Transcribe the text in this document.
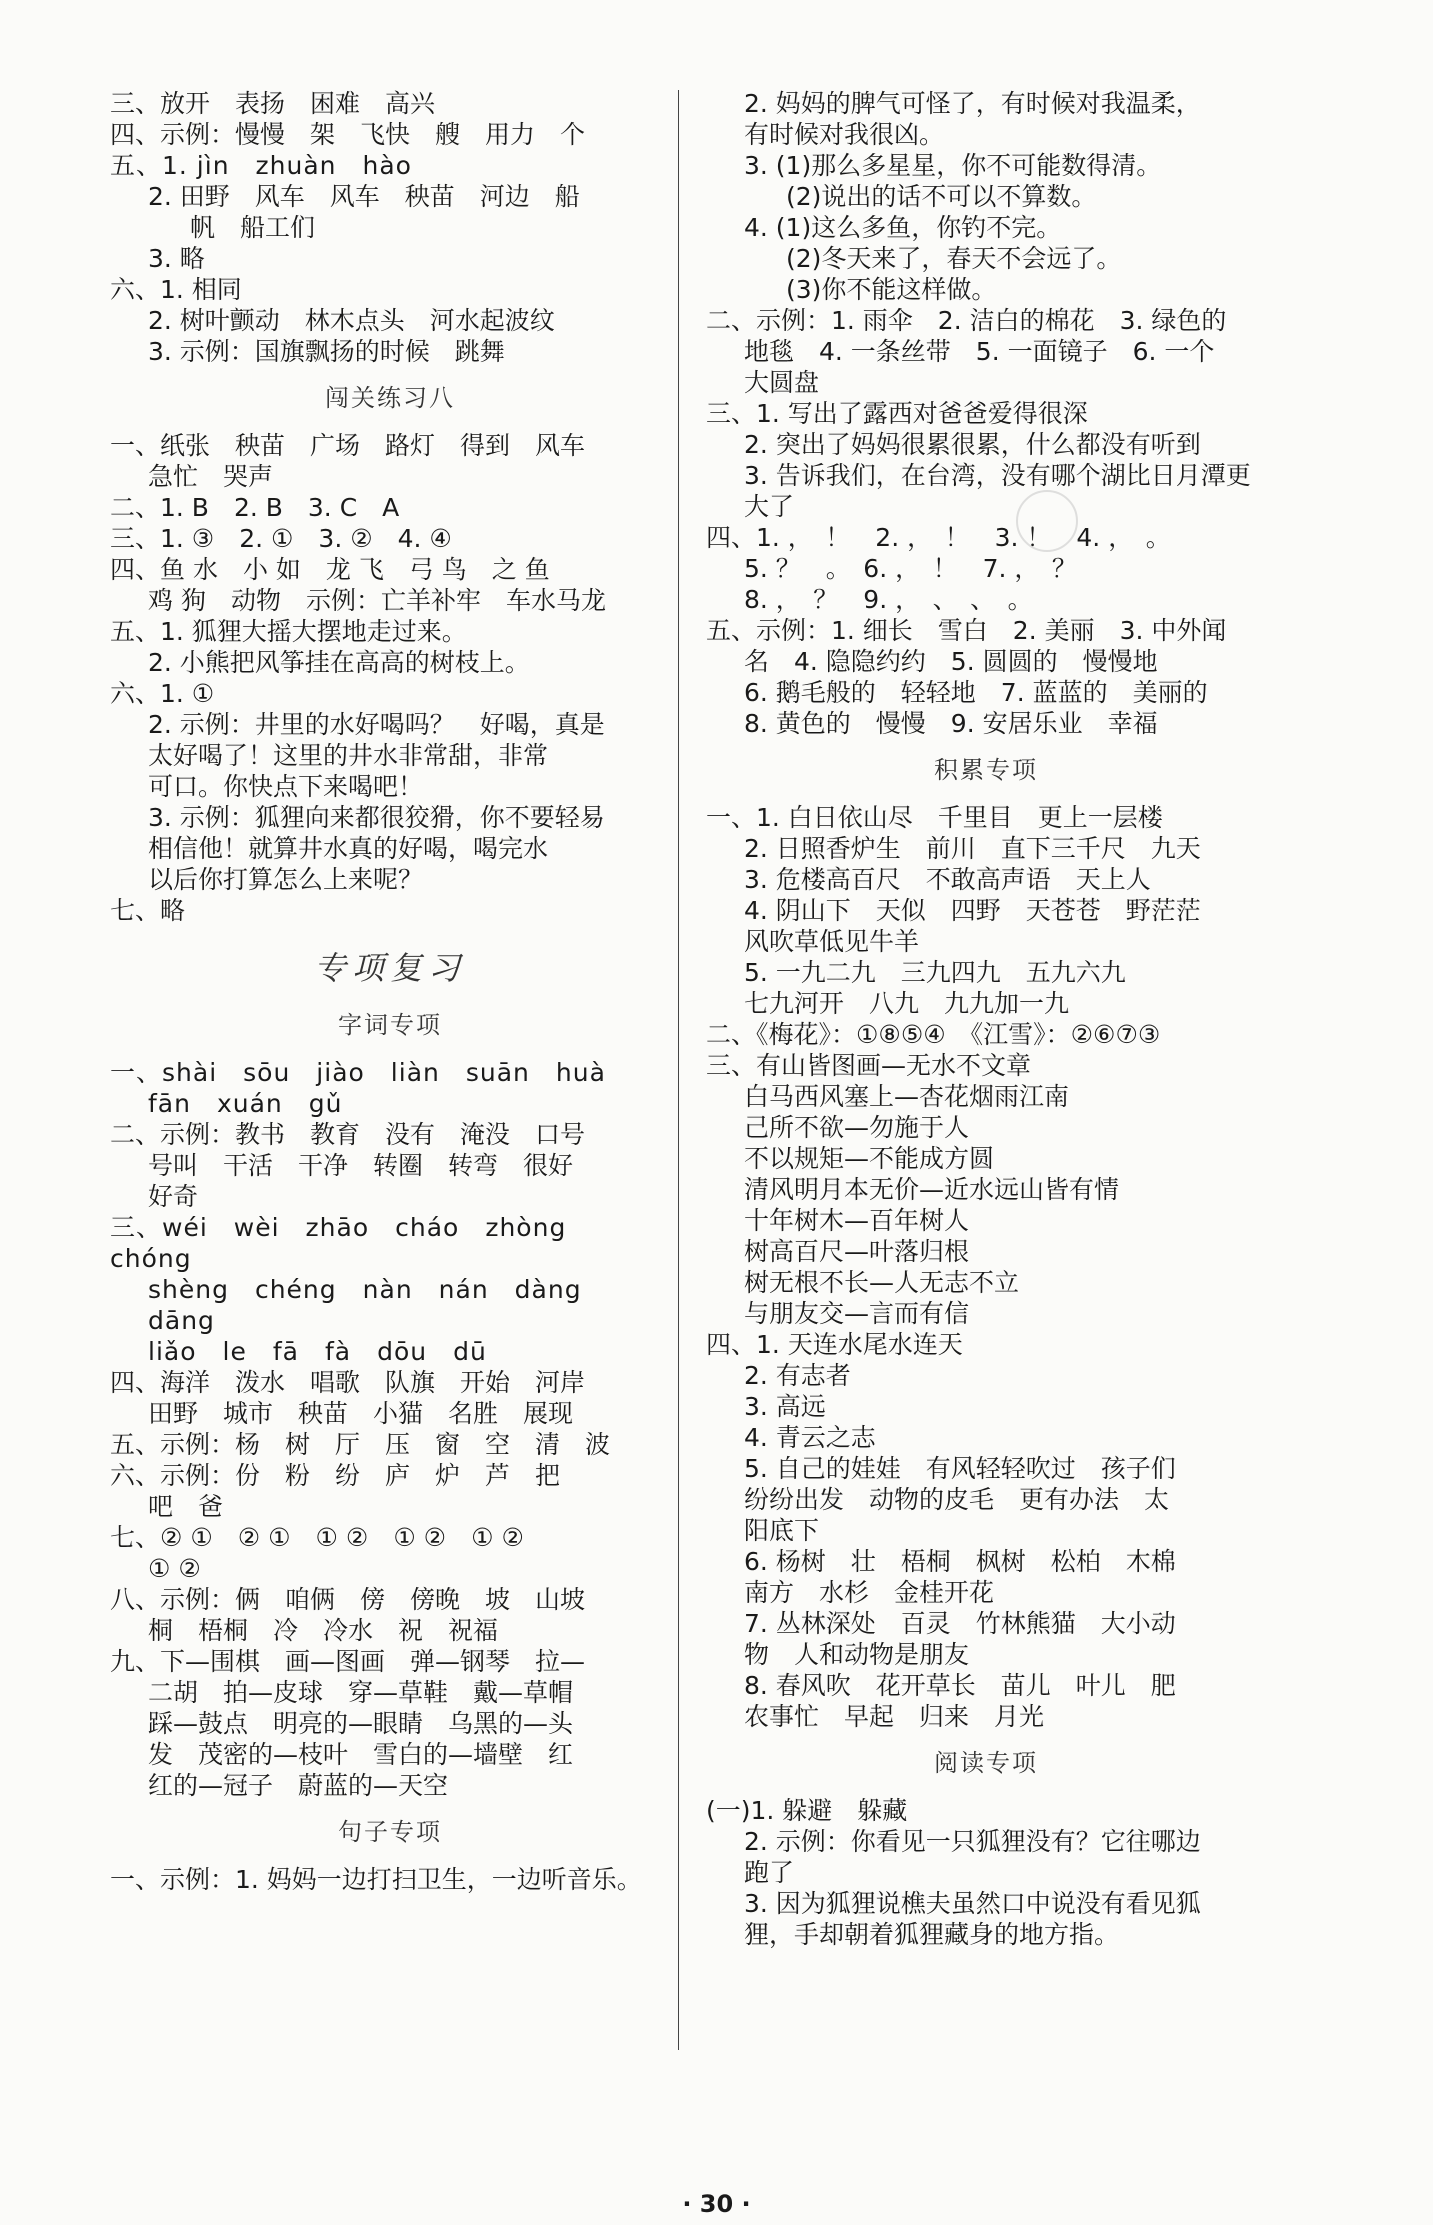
三、放开　表扬　困难　高兴
四、示例：慢慢　架　飞快　艘　用力　个
五、1. jìn　zhuàn　hào
2. 田野　风车　风车　秧苗　河边　船
帆　船工们
3. 略
六、1. 相同
2. 树叶颤动　林木点头　河水起波纹
3. 示例：国旗飘扬的时候　跳舞
闯关练习八
一、纸张　秧苗　广场　路灯　得到　风车
急忙　哭声
二、1. B　2. B　3. C　A
三、1. ③　2. ①　3. ②　4. ④
四、鱼 水　小 如　龙 飞　弓 鸟　之 鱼
鸡 狗　动物　示例：亡羊补牢　车水马龙
五、1. 狐狸大摇大摆地走过来。
2. 小熊把风筝挂在高高的树枝上。
六、1. ①
2. 示例：井里的水好喝吗？　好喝，真是
太好喝了！这里的井水非常甜，非常
可口。你快点下来喝吧！
3. 示例：狐狸向来都很狡猾，你不要轻易
相信他！就算井水真的好喝，喝完水
以后你打算怎么上来呢？
七、略
专项复习
字词专项
一、shài　sōu　jiào　liàn　suān　huà
fān　xuán　gǔ
二、示例：教书　教育　没有　淹没　口号
号叫　干活　干净　转圈　转弯　很好
好奇
三、wéi　wèi　zhāo　cháo　zhòng　chóng
shèng　chéng　nàn　nán　dàng　dāng
liǎo　le　fā　fà　dōu　dū
四、海洋　泼水　唱歌　队旗　开始　河岸
田野　城市　秧苗　小猫　名胜　展现
五、示例：杨　树　厅　压　窗　空　清　波
六、示例：份　粉　纷　庐　炉　芦　把
吧　爸
七、② ①　② ①　① ②　① ②　① ②
① ②
八、示例：俩　咱俩　傍　傍晚　坡　山坡
桐　梧桐　冷　冷水　祝　祝福
九、下—围棋　画—图画　弹—钢琴　拉—
二胡　拍—皮球　穿—草鞋　戴—草帽
踩—鼓点　明亮的—眼睛　乌黑的—头
发　茂密的—枝叶　雪白的—墙壁　红
红的—冠子　蔚蓝的—天空
句子专项
一、示例：1. 妈妈一边打扫卫生，一边听音乐。
2. 妈妈的脾气可怪了，有时候对我温柔，
有时候对我很凶。
3. (1)那么多星星，你不可能数得清。
(2)说出的话不可以不算数。
4. (1)这么多鱼，你钓不完。
(2)冬天来了，春天不会远了。
(3)你不能这样做。
二、示例：1. 雨伞　2. 洁白的棉花　3. 绿色的
地毯　4. 一条丝带　5. 一面镜子　6. 一个
大圆盘
三、1. 写出了露西对爸爸爱得很深
2. 突出了妈妈很累很累，什么都没有听到
3. 告诉我们，在台湾，没有哪个湖比日月潭更
大了
四、1. ，　！　2. ，　！　3. ！　4. ，　。
5. ？　。　6. ，　！　7. ，　？
8. ，　？　9. ，　、　、　。
五、示例：1. 细长　雪白　2. 美丽　3. 中外闻
名　4. 隐隐约约　5. 圆圆的　慢慢地
6. 鹅毛般的　轻轻地　7. 蓝蓝的　美丽的
8. 黄色的　慢慢　9. 安居乐业　幸福
积累专项
一、1. 白日依山尽　千里目　更上一层楼
2. 日照香炉生　前川　直下三千尺　九天
3. 危楼高百尺　不敢高声语　天上人
4. 阴山下　天似　四野　天苍苍　野茫茫
风吹草低见牛羊
5. 一九二九　三九四九　五九六九
七九河开　八九　九九加一九
二、《梅花》：①⑧⑤④　《江雪》：②⑥⑦③
三、有山皆图画—无水不文章
白马西风塞上—杏花烟雨江南
己所不欲—勿施于人
不以规矩—不能成方圆
清风明月本无价—近水远山皆有情
十年树木—百年树人
树高百尺—叶落归根
树无根不长—人无志不立
与朋友交—言而有信
四、1. 天连水尾水连天
2. 有志者
3. 高远
4. 青云之志
5. 自己的娃娃　有风轻轻吹过　孩子们
纷纷出发　动物的皮毛　更有办法　太
阳底下
6. 杨树　壮　梧桐　枫树　松柏　木棉
南方　水杉　金桂开花
7. 丛林深处　百灵　竹林熊猫　大小动
物　人和动物是朋友
8. 春风吹　花开草长　苗儿　叶儿　肥
农事忙　早起　归来　月光
阅读专项
(一)1. 躲避　躲藏
2. 示例：你看见一只狐狸没有？它往哪边
跑了
3. 因为狐狸说樵夫虽然口中说没有看见狐
狸，手却朝着狐狸藏身的地方指。
· 30 ·
